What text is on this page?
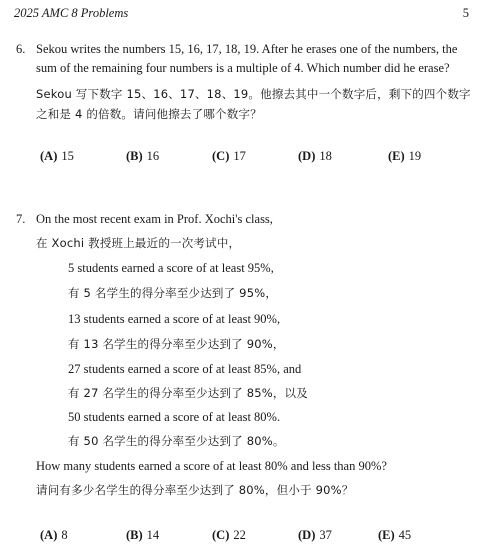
2025 AMC 8 Problems	5
6. Sekou writes the numbers 15, 16, 17, 18, 19. After he erases one of the numbers, the
sum of the remaining four numbers is a multiple of 4. Which number did he erase?
Sekou 写下数字 15、16、17、18、19。他擦去其中一个数字后，剩下的四个数字
之和是 4 的倍数。请问他擦去了哪个数字？
(A) 15	(B) 16	(C) 17	(D) 18	(E) 19
7. On the most recent exam in Prof. Xochi's class,
在 Xochi 教授班上最近的一次考试中，
5 students earned a score of at least 95%,
有 5 名学生的得分率至少达到了 95%，
13 students earned a score of at least 90%,
有 13 名学生的得分率至少达到了 90%，
27 students earned a score of at least 85%, and
有 27 名学生的得分率至少达到了 85%，以及
50 students earned a score of at least 80%.
有 50 名学生的得分率至少达到了 80%。
How many students earned a score of at least 80% and less than 90%?
请问有多少名学生的得分率至少达到了 80%，但小于 90%？
(A) 8	(B) 14	(C) 22	(D) 37	(E) 45
